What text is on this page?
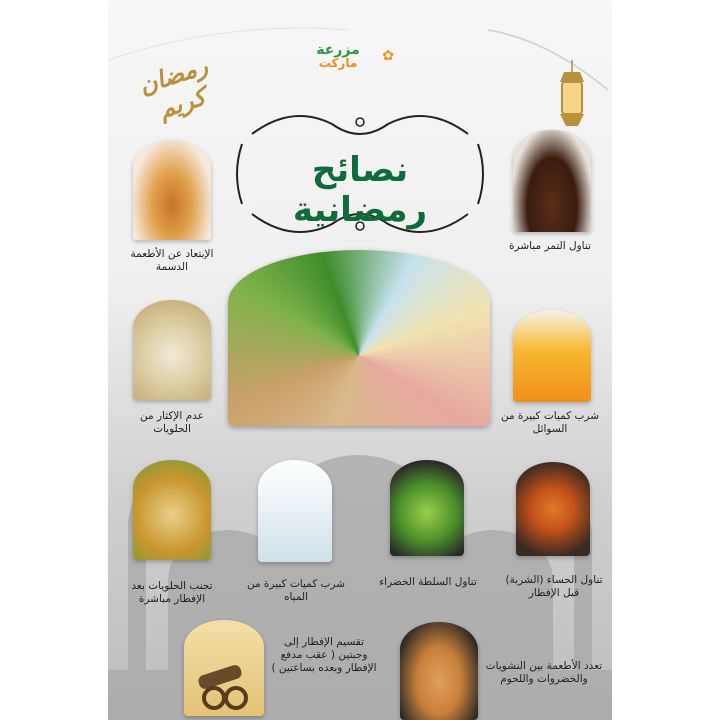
رمضان كريم
مزرعة
ماركت	✿
نصائح رمضانية
تناول التمر مباشرة
الإبتعاد عن الأطعمة الدسمة
شرب كميات كبيرة من السوائل
عدم الإكثار من الحلويات
تجنب الحلويات بعد الإفطار مباشرة
شرب كميات كبيرة من المياه
تناول السلطة الخضراء	تناول الحساء (الشربة) قبل الإفطار
تقسيم الإفطار إلى وجبتين ( عقب مدفع الإفطار وبعده بساعتين )	تعدد الأطعمة بين النشويات والخضروات واللحوم
